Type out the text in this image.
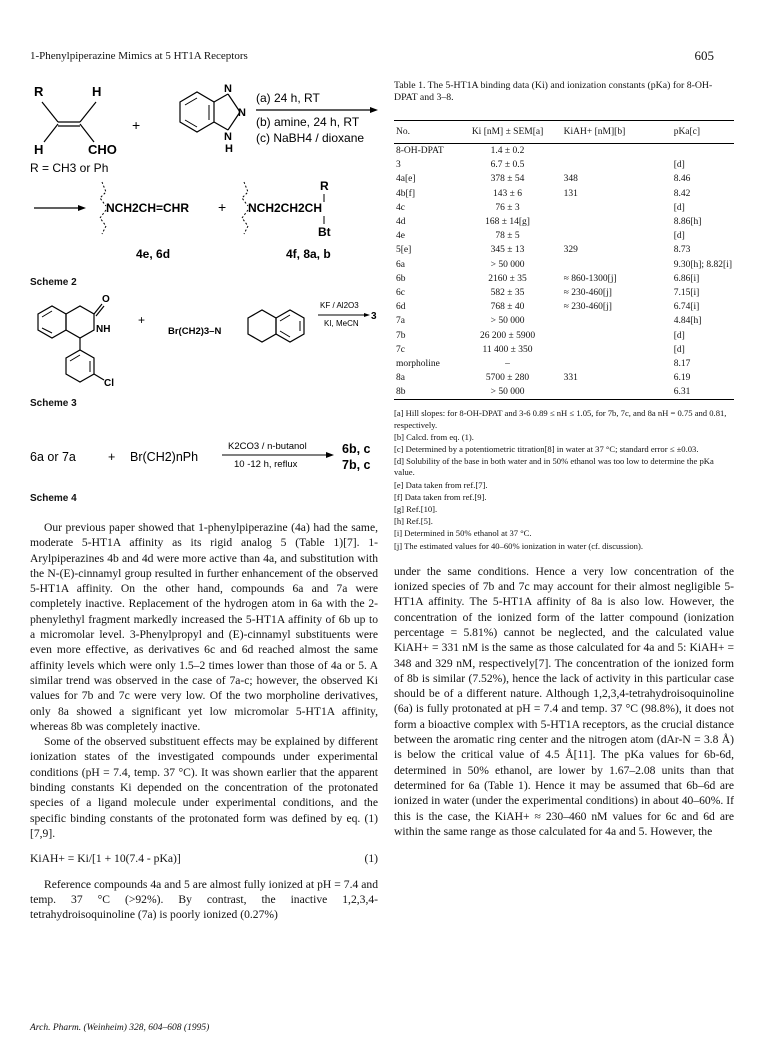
1-Phenylpiperazine Mimics at 5 HT1A Receptors	605
R	H
H	CHO
+
N
N
N
H
(a) 24 h, RT
(b) amine, 24 h, RT
(c) NaBH4 / dioxane
R = CH3 or Ph
NCH2CH=CHR +
R
NCH2CH2CH
Bt
4e, 6d	4f, 8a, b
Scheme 2
O
NH
Cl
+
Br(CH2)3–N
KF / Al2O3
KI, MeCN
3
Scheme 3
6a or 7a	+ Br(CH2)nPh
K2CO3 / n-butanol
10 -12 h, reflux
6b, c
7b, c
Scheme 4

Our previous paper showed that 1-phenylpiperazine (4a) had the same, moderate 5-HT1A affinity as its rigid analog 5 (Table 1)[7]. 1-Arylpiperazines 4b and 4d were more active than 4a, and substitution with the N-(E)-cinnamyl group resulted in further enhancement of the observed 5-HT1A affinity. On the other hand, compounds 6a and 7a were completely inactive. Replacement of the hydrogen atom in 6a with the 2-phenylethyl fragment markedly increased the 5-HT1A affinity of 6b up to a micromolar level. 3-Phenylpropyl and (E)-cinnamyl substituents were even more effective, as derivatives 6c and 6d reached almost the same affinity levels which were only 1.5–2 times lower than those of 4a or 5. A similar trend was observed in the case of 7a-c; however, the observed Ki values for 7b and 7c were very low. Of the two morpholine derivatives, only 8a showed a significant yet low micromolar 5-HT1A affinity, whereas 8b was completely inactive.

Some of the observed substituent effects may be explained by different ionization states of the investigated compounds under experimental conditions (pH = 7.4, temp. 37 °C). It was shown earlier that the apparent binding constants Ki depended on the concentration of the protonated species of a ligand molecule under experimental conditions, and the specific binding constants of the protonated form was defined by eq. (1)[7,9].

KiAH+ = Ki/[1 + 10(7.4 - pKa)]	(1)

Reference compounds 4a and 5 are almost fully ionized at pH = 7.4 and temp. 37 °C (>92%). By contrast, the inactive 1,2,3,4-tetrahydroisoquinoline (7a) is poorly ionized (0.27%)

Table 1. The 5-HT1A binding data (Ki) and ionization constants (pKa) for 8-OH-DPAT and 3–8.
No.	Ki [nM] ± SEM[a]	KiAH+ [nM][b]	pKa[c]
8-OH-DPAT	1.4 ± 0.2		
3	6.7 ± 0.5		[d]
4a[e]	378 ± 54	348	8.46
4b[f]	143 ± 6	131	8.42
4c	76 ± 3		[d]
4d	168 ± 14[g]		8.86[h]
4e	78 ± 5		[d]
5[e]	345 ± 13	329	8.73
6a	> 50 000		9.30[h]; 8.82[i]
6b	2160 ± 35	≈ 860-1300[j]	6.86[i]
6c	582 ± 35	≈ 230-460[j]	7.15[i]
6d	768 ± 40	≈ 230-460[j]	6.74[i]
7a	> 50 000		4.84[h]
7b	26 200 ± 5900		[d]
7c	11 400 ± 350		[d]
morpholine	–		8.17
8a	5700 ± 280	331	6.19
8b	> 50 000		6.31
[a] Hill slopes: for 8-OH-DPAT and 3-6 0.89 ≤ nH ≤ 1.05, for 7b, 7c, and 8a nH = 0.75 and 0.81, respectively.
[b] Calcd. from eq. (1).
[c] Determined by a potentiometric titration[8] in water at 37 °C; standard error ≤ ±0.03.
[d] Solubility of the base in both water and in 50% ethanol was too low to determine the pKa value.
[e] Data taken from ref.[7].
[f] Data taken from ref.[9].
[g] Ref.[10].
[h] Ref.[5].
[i] Determined in 50% ethanol at 37 °C.
[j] The estimated values for 40–60% ionization in water (cf. discussion).

under the same conditions. Hence a very low concentration of the ionized species of 7b and 7c may account for their almost negligible 5-HT1A affinity. The 5-HT1A affinity of 8a is also low. However, the concentration of the ionized form of the latter compound (ionization percentage = 5.81%) cannot be neglected, and the calculated value KiAH+ = 331 nM is the same as those calculated for 4a and 5: KiAH+ = 348 and 329 nM, respectively[7]. The concentration of the ionized form of 8b is similar (7.52%), hence the lack of activity in this particular case should be of a different nature. Although 1,2,3,4-tetrahydroisoquinoline (6a) is fully protonated at pH = 7.4 and temp. 37 °C (98.8%), it does not form a bioactive complex with 5-HT1A receptors, as the crucial distance between the aromatic ring center and the nitrogen atom (dAr-N = 3.8 Å) is below the critical value of 4.5 Å[11]. The pKa values for 6b-6d, determined in 50% ethanol, are lower by 1.67–2.08 units than that determined for 6a (Table 1). Hence it may be assumed that 6b–6d are ionized in water (under the experimental conditions) in about 40–60%. If this is the case, the KiAH+ ≈ 230–460 nM values for 6c and 6d are within the same range as those calculated for 4a and 5. However, the

Arch. Pharm. (Weinheim) 328, 604–608 (1995)
